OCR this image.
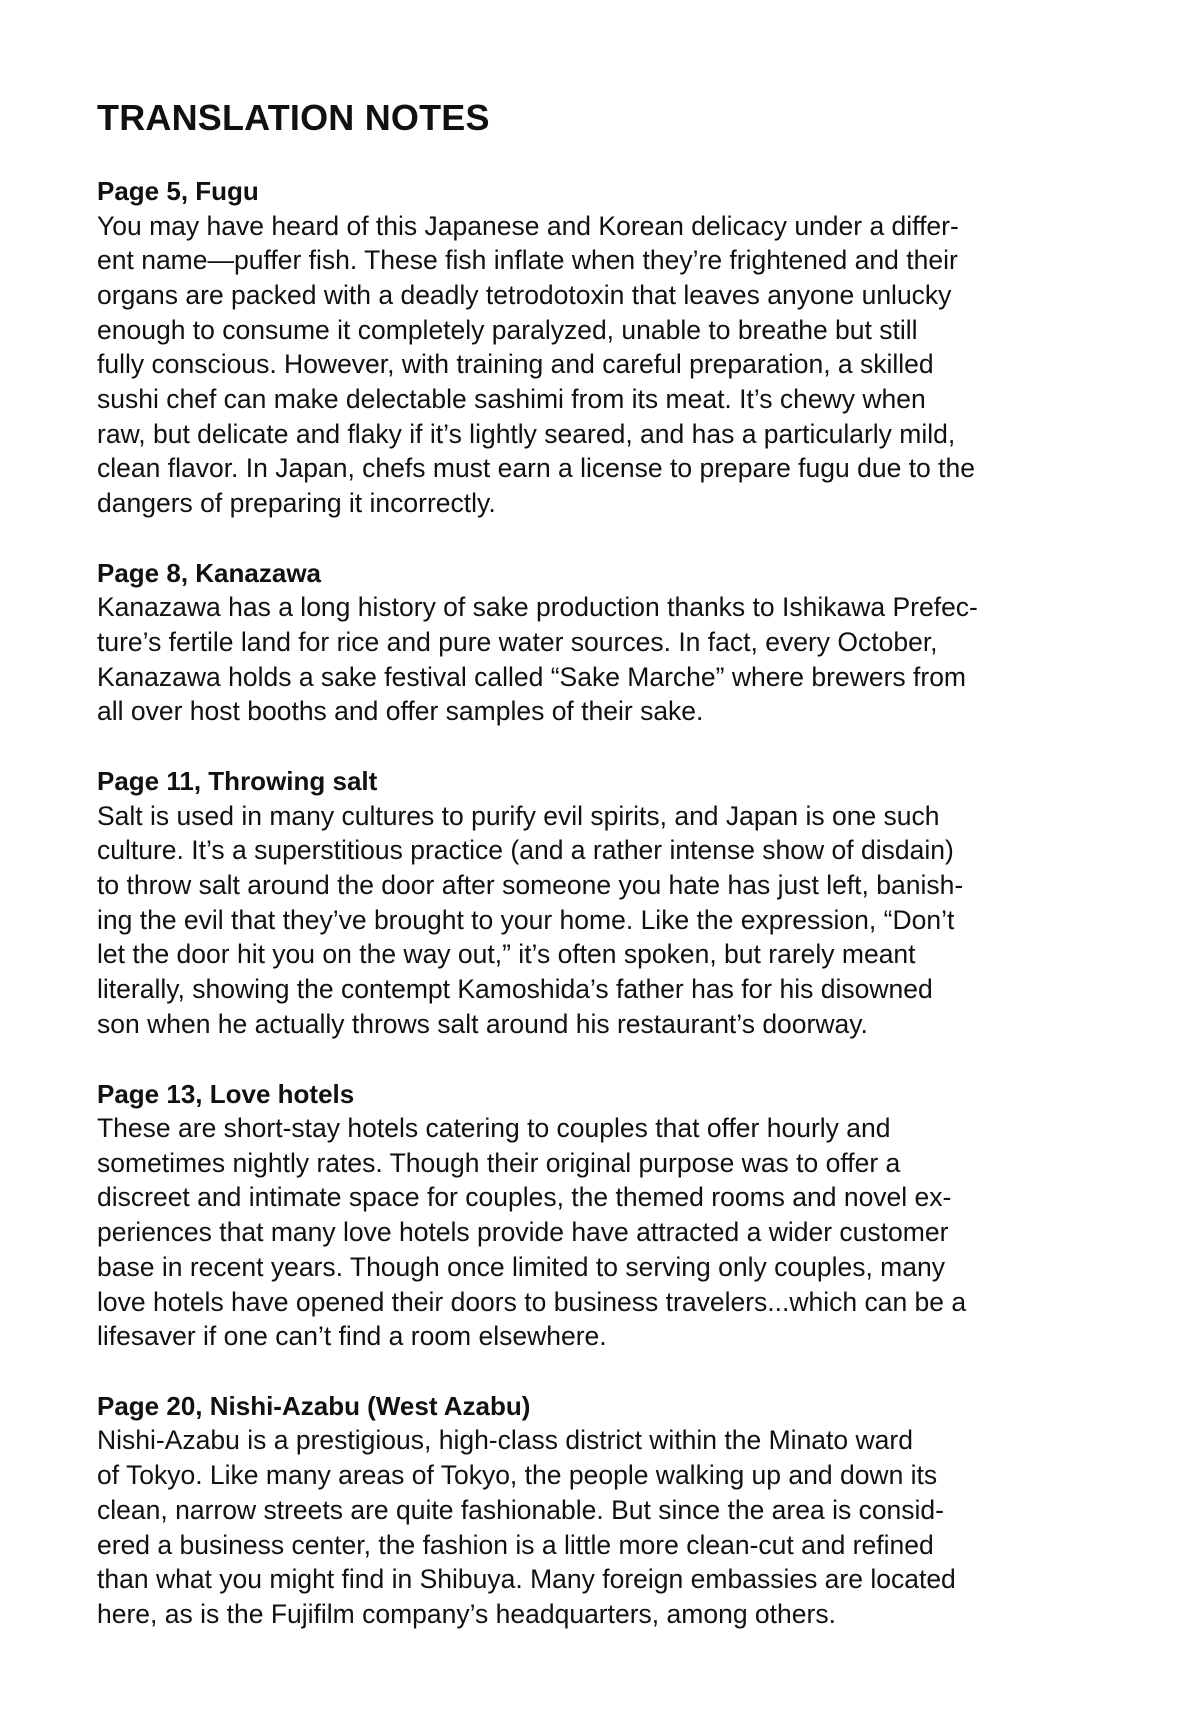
TRANSLATION NOTES

Page 5, Fugu

You may have heard of this Japanese and Korean delicacy under a differ-
ent name—puffer fish. These fish inflate when they’re frightened and their
organs are packed with a deadly tetrodotoxin that leaves anyone unlucky
enough to consume it completely paralyzed, unable to breathe but still
fully conscious. However, with training and careful preparation, a skilled
sushi chef can make delectable sashimi from its meat. It’s chewy when
raw, but delicate and flaky if it’s lightly seared, and has a particularly mild,
clean flavor. In Japan, chefs must earn a license to prepare fugu due to the
dangers of preparing it incorrectly.

Page 8, Kanazawa

Kanazawa has a long history of sake production thanks to Ishikawa Prefec-
ture’s fertile land for rice and pure water sources. In fact, every October,
Kanazawa holds a sake festival called “Sake Marche” where brewers from
all over host booths and offer samples of their sake.

Page 11, Throwing salt

Salt is used in many cultures to purify evil spirits, and Japan is one such
culture. It’s a superstitious practice (and a rather intense show of disdain)
to throw salt around the door after someone you hate has just left, banish-
ing the evil that they’ve brought to your home. Like the expression, “Don’t
let the door hit you on the way out,” it’s often spoken, but rarely meant
literally, showing the contempt Kamoshida’s father has for his disowned
son when he actually throws salt around his restaurant’s doorway.

Page 13, Love hotels

These are short-stay hotels catering to couples that offer hourly and
sometimes nightly rates. Though their original purpose was to offer a
discreet and intimate space for couples, the themed rooms and novel ex-
periences that many love hotels provide have attracted a wider customer
base in recent years. Though once limited to serving only couples, many
love hotels have opened their doors to business travelers...which can be a
lifesaver if one can’t find a room elsewhere.

Page 20, Nishi-Azabu (West Azabu)

Nishi-Azabu is a prestigious, high-class district within the Minato ward
of Tokyo. Like many areas of Tokyo, the people walking up and down its
clean, narrow streets are quite fashionable. But since the area is consid-
ered a business center, the fashion is a little more clean-cut and refined
than what you might find in Shibuya. Many foreign embassies are located
here, as is the Fujifilm company’s headquarters, among others.
